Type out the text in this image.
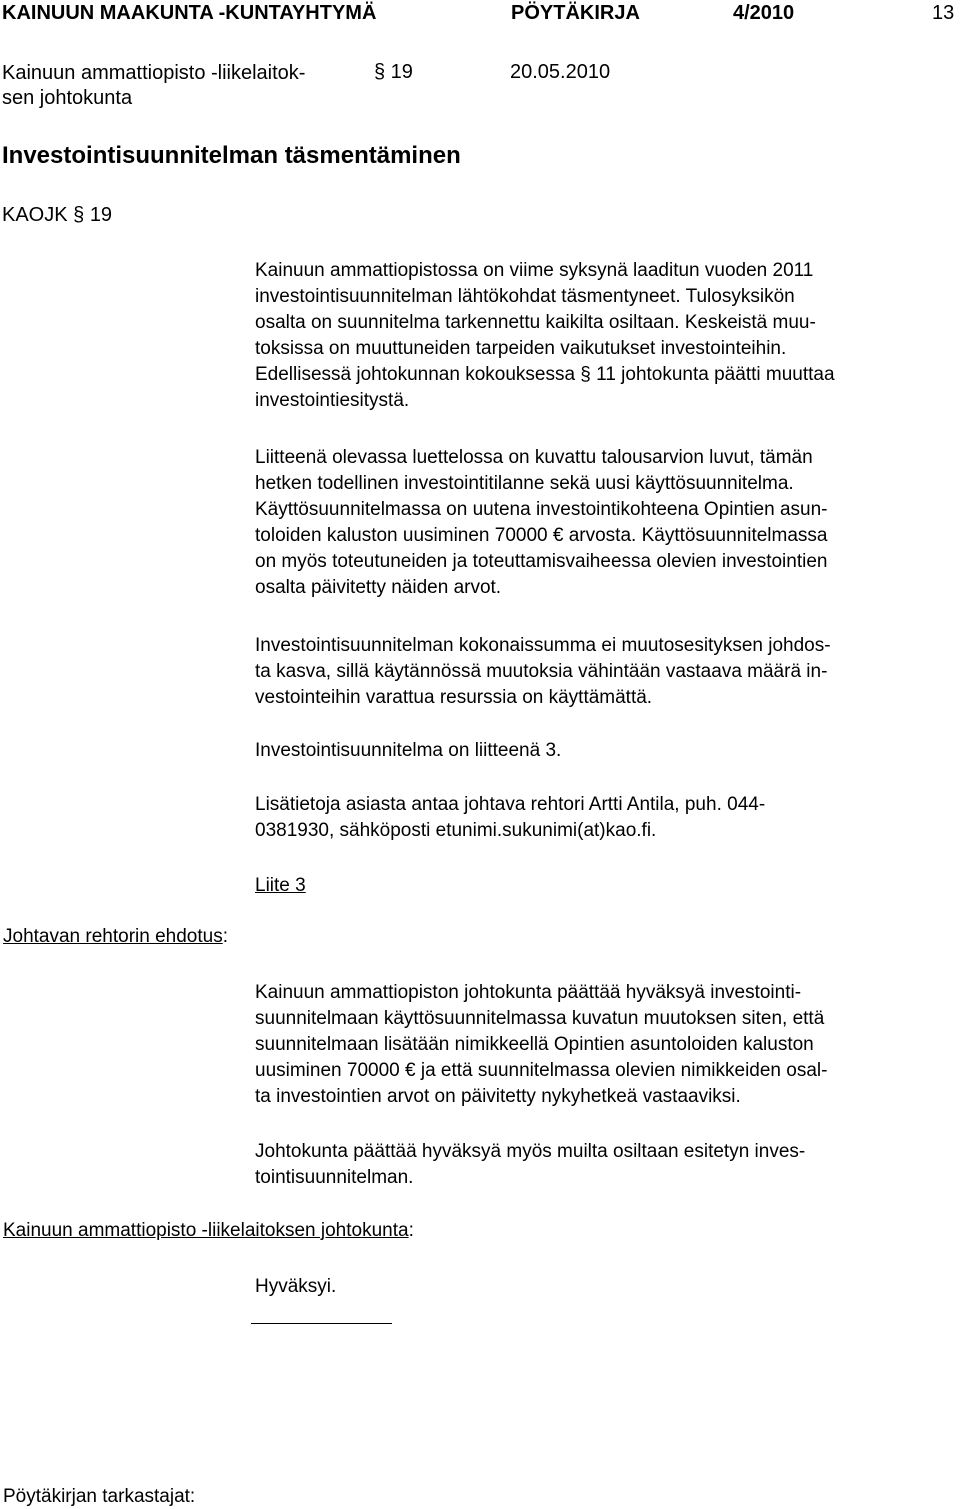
KAINUUN MAAKUNTA -KUNTAYHTYMÄ	PÖYTÄKIRJA	4/2010	13
Kainuun ammattiopisto -liikelaitok-
sen johtokunta
§ 19	20.05.2010
Investointisuunnitelman täsmentäminen
KAOJK § 19
Kainuun ammattiopistossa on viime syksynä laaditun vuoden 2011
investointisuunnitelman lähtökohdat täsmentyneet. Tulosyksikön
osalta on suunnitelma tarkennettu kaikilta osiltaan. Keskeistä muu-
toksissa on muuttuneiden tarpeiden vaikutukset investointeihin.
Edellisessä johtokunnan kokouksessa § 11 johtokunta päätti muuttaa
investointiesitystä.
Liitteenä olevassa luettelossa on kuvattu talousarvion luvut, tämän
hetken todellinen investointitilanne sekä uusi käyttösuunnitelma.
Käyttösuunnitelmassa on uutena investointikohteena Opintien asun-
toloiden kaluston uusiminen 70000 € arvosta. Käyttösuunnitelmassa
on myös toteutuneiden ja toteuttamisvaiheessa olevien investointien
osalta päivitetty näiden arvot.
Investointisuunnitelman kokonaissumma ei muutosesityksen johdos-
ta kasva, sillä käytännössä muutoksia vähintään vastaava määrä in-
vestointeihin varattua resurssia on käyttämättä.
Investointisuunnitelma on liitteenä 3.
Lisätietoja asiasta antaa johtava rehtori Artti Antila, puh. 044-
0381930, sähköposti etunimi.sukunimi(at)kao.fi.
Liite 3
Johtavan rehtorin ehdotus:
Kainuun ammattiopiston johtokunta päättää hyväksyä investointi-
suunnitelmaan käyttösuunnitelmassa kuvatun muutoksen siten, että
suunnitelmaan lisätään nimikkeellä Opintien asuntoloiden kaluston
uusiminen 70000 € ja että suunnitelmassa olevien nimikkeiden osal-
ta investointien arvot on päivitetty nykyhetkeä vastaaviksi.
Johtokunta päättää hyväksyä myös muilta osiltaan esitetyn inves-
tointisuunnitelman.
Kainuun ammattiopisto -liikelaitoksen johtokunta:
Hyväksyi.
Pöytäkirjan tarkastajat:
